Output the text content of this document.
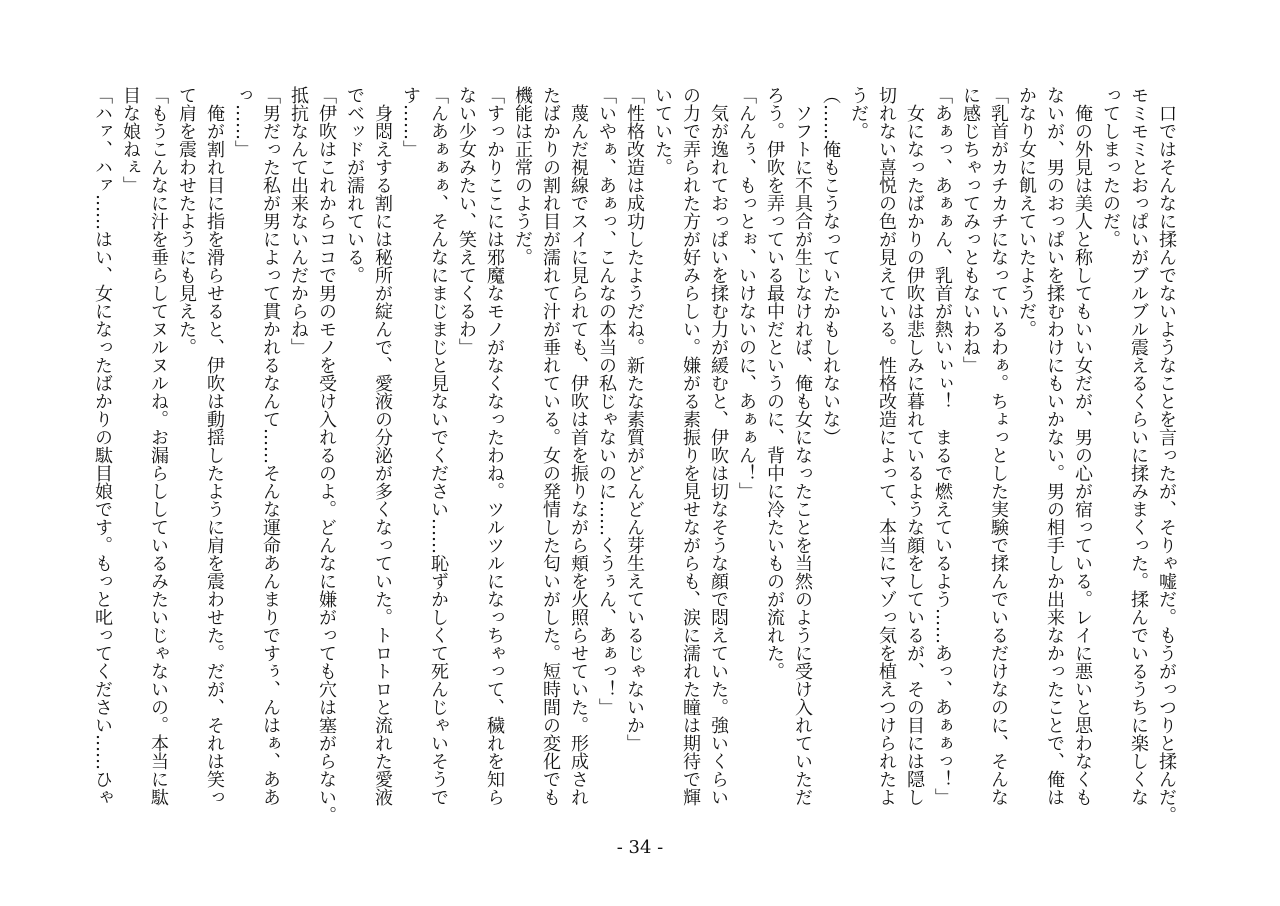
　口ではそんなに揉んでないようなことを言ったが、そりゃ嘘だ。もうがっつりと揉んだ。
モミモミとおっぱいがブルブル震えるくらいに揉みまくった。揉んでいるうちに楽しくな
ってしまったのだ。
　俺の外見は美人と称してもいい女だが、男の心が宿っている。レイに悪いと思わなくも
ないが、男のおっぱいを揉むわけにもいかない。男の相手しか出来なかったことで、俺は
かなり女に飢えていたようだ。
「乳首がカチカチになっているわぁ。ちょっとした実験で揉んでいるだけなのに、そんな
に感じちゃってみっともないわね」
「あぁっ、あぁぁん、乳首が熱いぃぃ！　まるで燃えているよう……あっ、あぁぁっ！」
　女になったばかりの伊吹は悲しみに暮れているような顔をしているが、その目には隠し
切れない喜悦の色が見えている。性格改造によって、本当にマゾっ気を植えつけられたよ
うだ。
（……俺もこうなっていたかもしれないな）
　ソフトに不具合が生じなければ、俺も女になったことを当然のように受け入れていただ
ろう。伊吹を弄っている最中だというのに、背中に冷たいものが流れた。
「んんぅ、もっとぉ、いけないのに、あぁぁん！」
　気が逸れておっぱいを揉む力が緩むと、伊吹は切なそうな顔で悶えていた。強いくらい
の力で弄られた方が好みらしい。嫌がる素振りを見せながらも、涙に濡れた瞳は期待で輝
いていた。
「性格改造は成功したようだね。新たな素質がどんどん芽生えているじゃないか」
「いやぁ、あぁっ、こんなの本当の私じゃないのに……くうぅん、あぁっ！」
　蔑んだ視線でスイに見られても、伊吹は首を振りながら頬を火照らせていた。形成され
たばかりの割れ目が濡れて汁が垂れている。女の発情した匂いがした。短時間の変化でも
機能は正常のようだ。
「すっかりここには邪魔なモノがなくなったわね。ツルツルになっちゃって、穢れを知ら
ない少女みたい、笑えてくるわ」
「んあぁぁぁ、そんなにまじまじと見ないでください……恥ずかしくて死んじゃいそうで
す……」
　身悶えする割には秘所が綻んで、愛液の分泌が多くなっていた。トロトロと流れた愛液
でベッドが濡れている。
「伊吹はこれからココで男のモノを受け入れるのよ。どんなに嫌がっても穴は塞がらない。
抵抗なんて出来ないんだからね」
「男だった私が男によって貫かれるなんて……そんな運命あんまりですぅ、んはぁ、ああ
っ……」
　俺が割れ目に指を滑らせると、伊吹は動揺したように肩を震わせた。だが、それは笑っ
て肩を震わせたようにも見えた。
「もうこんなに汁を垂らしてヌルヌルね。お漏らししているみたいじゃないの。本当に駄
目な娘ねぇ」
「ハァ、ハァ……はい、女になったばかりの駄目娘です。もっと叱ってください……ひゃ
- 34 -
